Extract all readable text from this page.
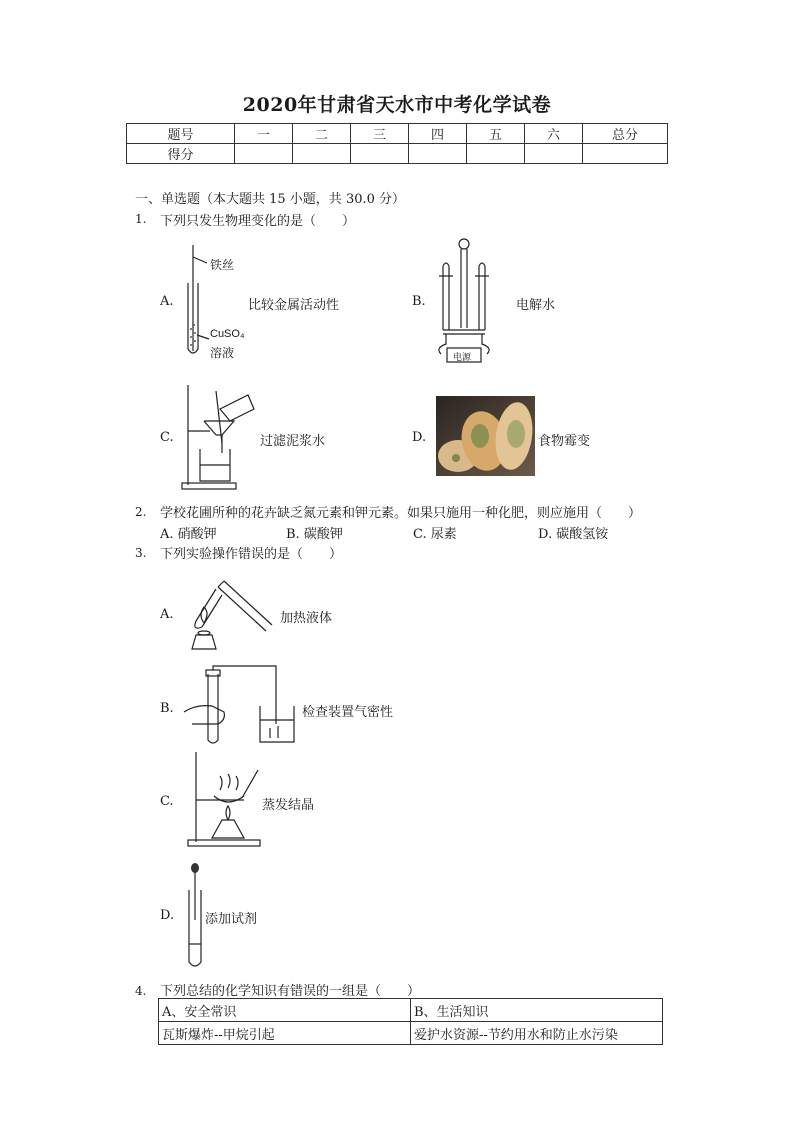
2020年甘肃省天水市中考化学试卷
题号	一	二	三	四	五	六	总分
得分							
一、单选题（本大题共 15 小题，共 30.0 分）
1. 下列只发生物理变化的是（　　）
A.
铁丝
CuSO₄
溶液
比较金属活动性	B.
电源
电解水
C.	过滤泥浆水	D.	食物霉变
2. 学校花圃所种的花卉缺乏氮元素和钾元素。如果只施用一种化肥，则应施用（　　）
A. 硝酸钾	B. 碳酸钾	C. 尿素	D. 碳酸氢铵
3. 下列实验操作错误的是（　　）
A.	加热液体
B.	检查装置气密性
C.	蒸发结晶
D. 添加试剂
4. 下列总结的化学知识有错误的一组是（　　）
A、安全常识	B、生活知识
瓦斯爆炸--甲烷引起	爱护水资源--节约用水和防止水污染
